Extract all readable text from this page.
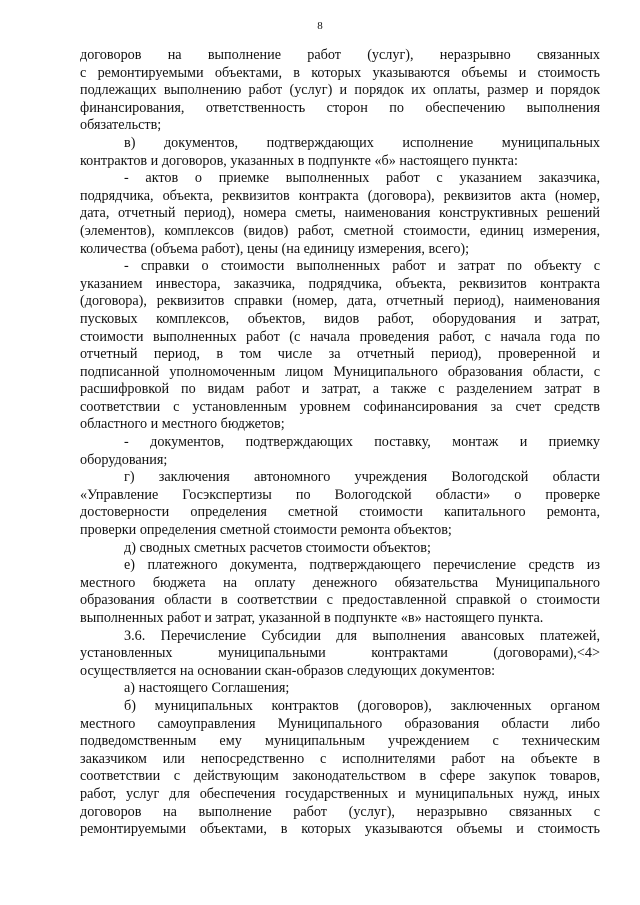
8
договоров на выполнение работ (услуг), неразрывно связанных
с ремонтируемыми объектами, в которых указываются объемы и стоимость
подлежащих выполнению работ (услуг) и порядок их оплаты, размер и порядок
финансирования, ответственность сторон по обеспечению выполнения
обязательств;
в) документов, подтверждающих исполнение муниципальных
контрактов и договоров, указанных в подпункте «б» настоящего пункта:
- актов о приемке выполненных работ с указанием заказчика,
подрядчика, объекта, реквизитов контракта (договора), реквизитов акта (номер,
дата, отчетный период), номера сметы, наименования конструктивных решений
(элементов), комплексов (видов) работ, сметной стоимости, единиц измерения,
количества (объема работ), цены (на единицу измерения, всего);
- справки о стоимости выполненных работ и затрат по объекту с
указанием инвестора, заказчика, подрядчика, объекта, реквизитов контракта
(договора), реквизитов справки (номер, дата, отчетный период), наименования
пусковых комплексов, объектов, видов работ, оборудования и затрат,
стоимости выполненных работ (с начала проведения работ, с начала года по
отчетный период, в том числе за отчетный период), проверенной и
подписанной уполномоченным лицом Муниципального образования области, с
расшифровкой по видам работ и затрат, а также с разделением затрат в
соответствии с установленным уровнем софинансирования за счет средств
областного и местного бюджетов;
- документов, подтверждающих поставку, монтаж и приемку
оборудования;
г) заключения автономного учреждения Вологодской области
«Управление Госэкспертизы по Вологодской области» о проверке
достоверности определения сметной стоимости капитального ремонта,
проверки определения сметной стоимости ремонта объектов;
д) сводных сметных расчетов стоимости объектов;
е) платежного документа, подтверждающего перечисление средств из
местного бюджета на оплату денежного обязательства Муниципального
образования области в соответствии с предоставленной справкой о стоимости
выполненных работ и затрат, указанной в подпункте «в» настоящего пункта.
3.6. Перечисление Субсидии для выполнения авансовых платежей,
установленных муниципальными контрактами (договорами),<4>
осуществляется на основании скан-образов следующих документов:
а) настоящего Соглашения;
б) муниципальных контрактов (договоров), заключенных органом
местного самоуправления Муниципального образования области либо
подведомственным ему муниципальным учреждением с техническим
заказчиком или непосредственно с исполнителями работ на объекте в
соответствии с действующим законодательством в сфере закупок товаров,
работ, услуг для обеспечения государственных и муниципальных нужд, иных
договоров на выполнение работ (услуг), неразрывно связанных с
ремонтируемыми объектами, в которых указываются объемы и стоимость
